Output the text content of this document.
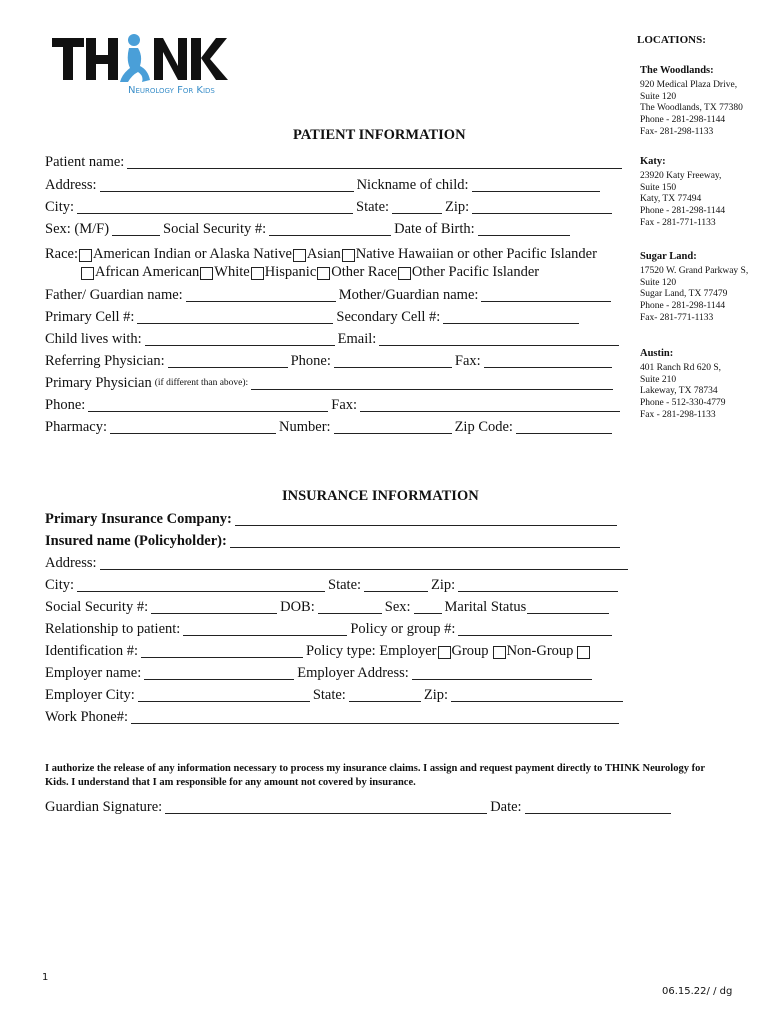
Neurology For Kids
LOCATIONS:
The Woodlands:
920 Medical Plaza Drive,
Suite 120
The Woodlands, TX 77380
Phone - 281-298-1144
Fax- 281-298-1133
Katy:
23920 Katy Freeway,
Suite 150
Katy, TX 77494
Phone - 281-298-1144
Fax - 281-771-1133
Sugar Land:
17520 W. Grand Parkway S,
Suite 120
Sugar Land, TX 77479
Phone - 281-298-1144
Fax- 281-771-1133
Austin:
401 Ranch Rd 620 S,
Suite 210
Lakeway, TX 78734
Phone - 512-330-4779
Fax - 281-298-1133
PATIENT INFORMATION
Patient name:
Address:	Nickname of child:
City:	State:	Zip:
Sex: (M/F)	Social Security #:	Date of Birth:
Race: American Indian or Alaska Native Asian Native Hawaiian or other Pacific Islander
African American White Hispanic Other Race Other Pacific Islander
Father/ Guardian name:	Mother/Guardian name:
Primary Cell #:	Secondary Cell #:
Child lives with:	Email:
Referring Physician:	Phone:	Fax:
Primary Physician (if different than above):
Phone:	Fax:
Pharmacy:	Number:	Zip Code:
INSURANCE INFORMATION
Primary Insurance Company:
Insured name (Policyholder):
Address:
City:	State:	Zip:
Social Security #:	DOB:	Sex: Marital Status
Relationship to patient:	Policy or group #:
Identification #:	Policy type: Employer Group Non-Group
Employer name:	Employer Address:
Employer City:	State:	Zip:
Work Phone#:
I authorize the release of any information necessary to process my insurance claims. I assign and request payment directly to THINK Neurology for Kids. I understand that I am responsible for any amount not covered by insurance.
Guardian Signature:	Date:
1
06.15.22/ / dg
